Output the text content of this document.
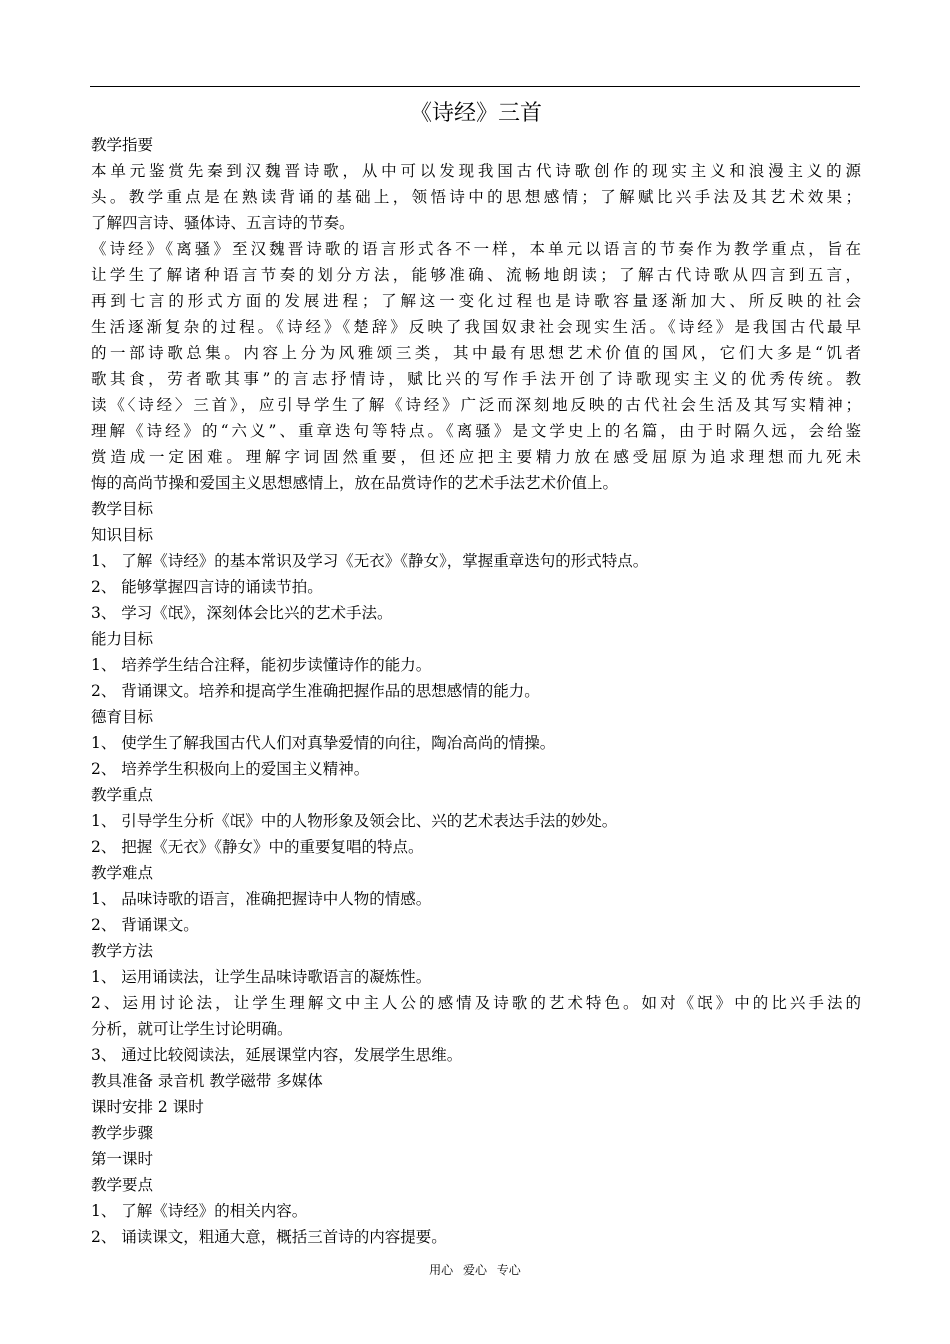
《诗经》三首

教学指要

本单元鉴赏先秦到汉魏晋诗歌，从中可以发现我国古代诗歌创作的现实主义和浪漫主义的源

头。教学重点是在熟读背诵的基础上，领悟诗中的思想感情；了解赋比兴手法及其艺术效果；

了解四言诗、骚体诗、五言诗的节奏。

《诗经》《离骚》至汉魏晋诗歌的语言形式各不一样，本单元以语言的节奏作为教学重点，旨在

让学生了解诸种语言节奏的划分方法，能够准确、流畅地朗读；了解古代诗歌从四言到五言，

再到七言的形式方面的发展进程；了解这一变化过程也是诗歌容量逐渐加大、所反映的社会

生活逐渐复杂的过程。《诗经》《楚辞》反映了我国奴隶社会现实生活。《诗经》是我国古代最早

的一部诗歌总集。内容上分为风雅颂三类，其中最有思想艺术价值的国风，它们大多是“饥者

歌其食，劳者歌其事”的言志抒情诗，赋比兴的写作手法开创了诗歌现实主义的优秀传统。教

读《〈诗经〉三首》，应引导学生了解《诗经》广泛而深刻地反映的古代社会生活及其写实精神；

理解《诗经》的“六义”、重章迭句等特点。《离骚》是文学史上的名篇，由于时隔久远，会给鉴

赏造成一定困难。理解字词固然重要，但还应把主要精力放在感受屈原为追求理想而九死未

悔的高尚节操和爱国主义思想感情上，放在品赏诗作的艺术手法艺术价值上。

教学目标

知识目标

1、 了解《诗经》的基本常识及学习《无衣》《静女》，掌握重章迭句的形式特点。

2、 能够掌握四言诗的诵读节拍。

3、 学习《氓》，深刻体会比兴的艺术手法。

能力目标

1、 培养学生结合注释，能初步读懂诗作的能力。

2、 背诵课文。培养和提高学生准确把握作品的思想感情的能力。

德育目标

1、 使学生了解我国古代人们对真挚爱情的向往，陶冶高尚的情操。

2、 培养学生积极向上的爱国主义精神。

教学重点

1、 引导学生分析《氓》中的人物形象及领会比、兴的艺术表达手法的妙处。

2、 把握《无衣》《静女》中的重要复唱的特点。

教学难点

1、 品味诗歌的语言，准确把握诗中人物的情感。

2、 背诵课文。

教学方法

1、 运用诵读法，让学生品味诗歌语言的凝炼性。

2、运用讨论法，让学生理解文中主人公的感情及诗歌的艺术特色。如对《氓》中的比兴手法的

分析，就可让学生讨论明确。

3、 通过比较阅读法，延展课堂内容，发展学生思维。

教具准备 录音机 教学磁带 多媒体

课时安排 2 课时

教学步骤

第一课时

教学要点

1、 了解《诗经》的相关内容。

2、 诵读课文，粗通大意，概括三首诗的内容提要。

用心 爱心 专心
